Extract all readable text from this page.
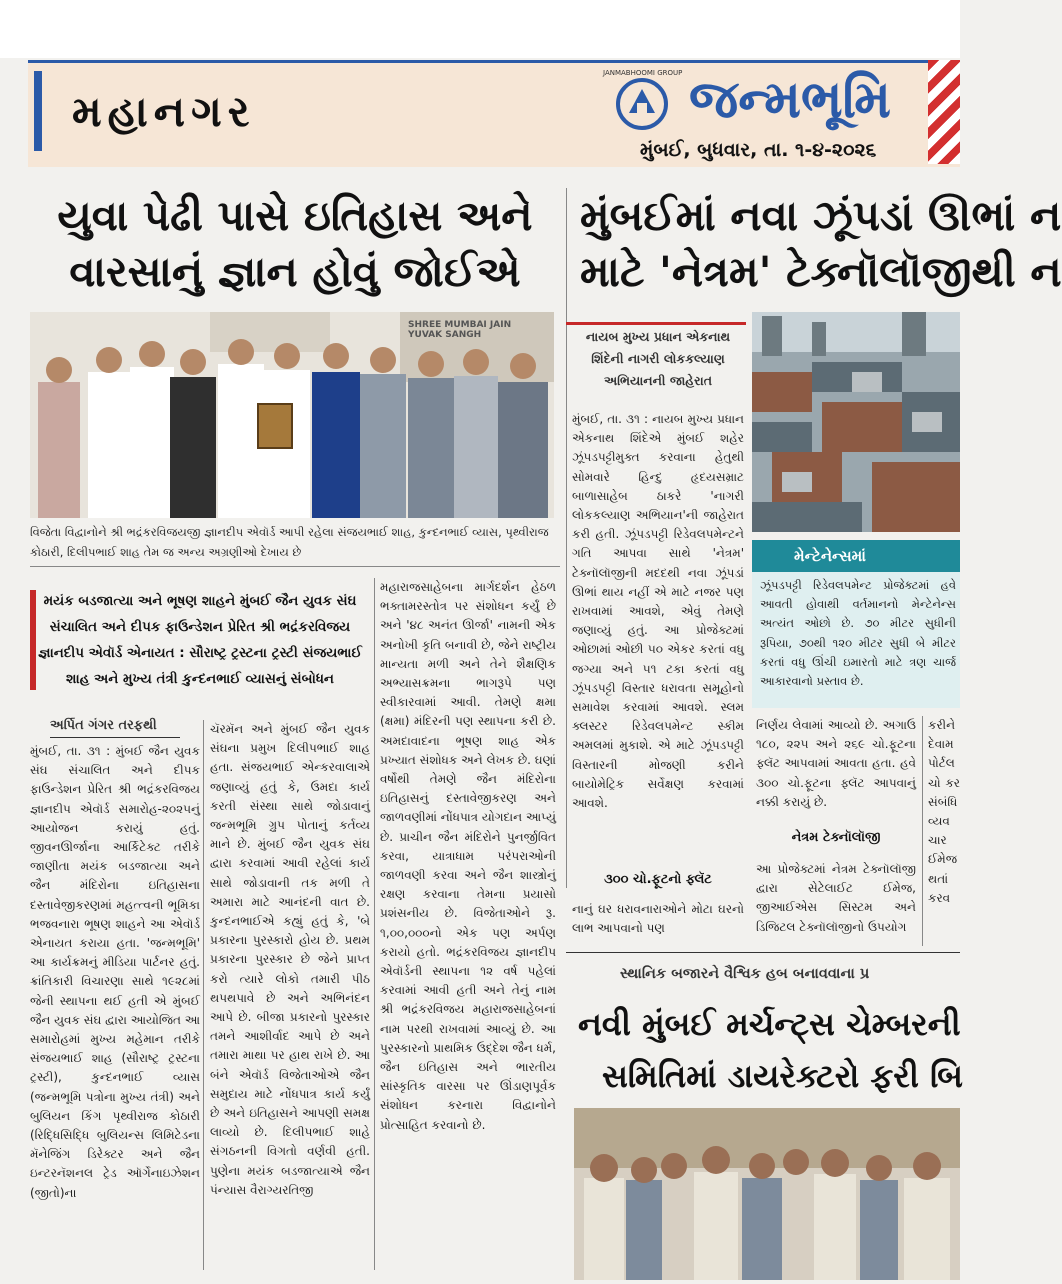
મહાનગર
JANMABHOOMI GROUP જન્મભૂમિ
મુંબઈ, બુધવાર, તા. ૧-૪-૨૦૨૬
યુવા પેઢી પાસે ઇતિહાસ અને
વારસાનું જ્ઞાન હોવું જોઈએ
મુંબઈમાં નવા ઝૂંપડાં ઊભાં ન
માટે 'નેત્રમ' ટેક્નૉલૉજીથી ન
SHREE MUMBAI JAIN YUVAK SANGH
વિજેતા વિદ્વાનોને શ્રી ભદ્રંકરવિજયજી જ્ઞાનદીપ એવૉર્ડ આપી રહેલા સંજયભાઈ શાહ, કુન્દનભાઈ વ્યાસ, પૃથ્વીરાજ કોઠારી, દિલીપભાઈ શાહ તેમ જ અન્ય અગ્રણીઓ દેખાય છે
મયંક બડજાત્યા અને ભૂષણ શાહને મુંબઈ જૈન યુવક સંઘ સંચાલિત અને દીપક ફાઉન્ડેશન પ્રેરિત શ્રી ભદ્રંકરવિજય જ્ઞાનદીપ એવૉર્ડ એનાયત : સૌરાષ્ટ્ર ટ્રસ્ટના ટ્રસ્ટી સંજયભાઈ શાહ અને મુખ્ય તંત્રી કુન્દનભાઈ વ્યાસનું સંબોધન
અર્પિત ગંગર તરફથી
મુંબઈ, તા. ૩૧ : મુંબઈ જૈન યુવક સંઘ સંચાલિત અને દીપક ફાઉન્ડેશન પ્રેરિત શ્રી ભદ્રંકરવિજય જ્ઞાનદીપ એવૉર્ડ સમારોહ-૨૦૨૫નું આયોજન કરાયું હતું. જીવનઊર્જાના આર્કિટેક્ટ તરીકે જાણીતા મયંક બડજાત્યા અને જૈન મંદિરોના ઇતિહાસના દસ્તાવેજીકરણમાં મહત્ત્વની ભૂમિકા ભજવનારા ભૂષણ શાહને આ એવૉર્ડ એનાયત કરાયા હતા. 'જન્મભૂમિ' આ કાર્યક્રમનું મીડિયા પાર્ટનર હતું. ક્રાંતિકારી વિચારણા સાથે ૧૯૨૮માં જેની સ્થાપના થઈ હતી એ મુંબઈ જૈન યુવક સંઘ દ્વારા આયોજિત આ સમારોહમાં મુખ્ય મહેમાન તરીકે સંજયભાઈ શાહ (સૌરાષ્ટ્ર ટ્રસ્ટના ટ્રસ્ટી), કુન્દનભાઈ વ્યાસ (જન્મભૂમિ પત્રોના મુખ્ય તંત્રી) અને બુલિયન કિંગ પૃથ્વીરાજ કોઠારી (રિદ્ધિસિદ્ધિ બુલિયન્સ લિમિટેડના મૅનેજિંગ ડિરેક્ટર અને જૈન ઇન્ટરનૅશનલ ટ્રેડ ઑર્ગેનાઇઝેશન (જીતો)ના
ચૅરમૅન અને મુંબઈ જૈન યુવક સંઘના પ્રમુખ દિલીપભાઈ શાહ હતા. સંજયભાઈ એન્કરવાલાએ જણાવ્યું હતું કે, ઉમદા કાર્ય કરતી સંસ્થા સાથે જોડાવાનું જન્મભૂમિ ગ્રુપ પોતાનું કર્તવ્ય માને છે. મુંબઈ જૈન યુવક સંઘ દ્વારા કરવામાં આવી રહેલાં કાર્ય સાથે જોડાવાની તક મળી તે અમારા માટે આનંદની વાત છે. કુન્દનભાઈએ કહ્યું હતું કે, 'બે પ્રકારના પુરસ્કારો હોય છે. પ્રથમ પ્રકારના પુરસ્કાર છે જેને પ્રાપ્ત કરો ત્યારે લોકો તમારી પીઠ થપથપાવે છે અને અભિનંદન આપે છે. બીજા પ્રકારનો પુરસ્કાર તમને આશીર્વાદ આપે છે અને તમારા માથા પર હાથ રાખે છે. આ બંને એવૉર્ડ વિજેતાઓએ જૈન સમુદાય માટે નોંધપાત્ર કાર્ય કર્યું છે અને ઇતિહાસને આપણી સમક્ષ લાવ્યો છે. દિલીપભાઈ શાહે સંગઠનની વિગતો વર્ણવી હતી. પુણેના મયંક બડજાત્યાએ જૈન પંન્યાસ વૈરાગ્યરતિજી
મહારાજસાહેબના માર્ગદર્શન હેઠળ ભક્તામરસ્તોત્ર પર સંશોધન કર્યું છે અને '૪૮ અનંત ઊર્જા' નામની એક અનોખી કૃતિ બનાવી છે, જેને રાષ્ટ્રીય માન્યતા મળી અને તેને શૈક્ષણિક અભ્યાસક્રમના ભાગરૂપે પણ સ્વીકારવામાં આવી. તેમણે ક્ષમા (ક્ષમા) મંદિરની પણ સ્થાપના કરી છે. અમદાવાદના ભૂષણ શાહ એક પ્રખ્યાત સંશોધક અને લેખક છે. ઘણાં વર્ષોથી તેમણે જૈન મંદિરોના ઇતિહાસનું દસ્તાવેજીકરણ અને જાળવણીમાં નોંધપાત્ર યોગદાન આપ્યું છે. પ્રાચીન જૈન મંદિરોને પુનર્જીવિત કરવા, યાત્રાધામ પરંપરાઓની જાળવણી કરવા અને જૈન શાસ્ત્રોનું રક્ષણ કરવાના તેમના પ્રયાસો પ્રશંસનીય છે. વિજેતાઓને રૂ. ૧,૦૦,૦૦૦નો એક પણ અર્પણ કરાયો હતો. ભદ્રંકરવિજય જ્ઞાનદીપ એવૉર્ડની સ્થાપના ૧૨ વર્ષ પહેલાં કરવામાં આવી હતી અને તેનું નામ શ્રી ભદ્રંકરવિજય મહારાજસાહેબનાં નામ પરથી રાખવામાં આવ્યું છે. આ પુરસ્કારનો પ્રાથમિક ઉદ્દેશ જૈન ધર્મ, જૈન ઇતિહાસ અને ભારતીય સાંસ્કૃતિક વારસા પર ઊંડાણપૂર્વક સંશોધન કરનારા વિદ્વાનોને પ્રોત્સાહિત કરવાનો છે.
નાયબ મુખ્ય પ્રધાન એકનાથ શિંદેની નાગરી લોકકલ્યાણ અભિયાનની જાહેરાત
મુંબઈ, તા. ૩૧ : નાયબ મુખ્ય પ્રધાન એકનાથ શિંદેએ મુંબઈ શહેર ઝૂંપડપટ્ટીમુક્ત કરવાના હેતુથી સોમવારે હિન્દુ હૃદયસમ્રાટ બાળાસાહેબ ઠાકરે 'નાગરી લોકકલ્યાણ અભિયાન'ની જાહેરાત કરી હતી. ઝૂંપડપટ્ટી રિડેવલપમેન્ટને ગતિ આપવા સાથે 'નેત્રમ' ટેક્નૉલૉજીની મદદથી નવા ઝૂંપડાં ઊભાં થાય નહીં એ માટે નજર પણ રાખવામાં આવશે, એવું તેમણે જણાવ્યું હતું. આ પ્રોજેક્ટમાં ઓછામાં ઓછી ૫૦ એકર કરતાં વધુ જગ્યા અને ૫૧ ટકા કરતાં વધુ ઝૂંપડપટ્ટી વિસ્તાર ધરાવતા સમૂહોનો સમાવેશ કરવામાં આવશે. સ્લમ ક્લસ્ટર રિડેવલપમેન્ટ સ્કીમ અમલમાં મુકાશે. એ માટે ઝૂંપડપટ્ટી વિસ્તારની મોજણી કરીને બાયોમેટ્રિક સર્વેક્ષણ કરવામાં આવશે.
૩૦૦ ચો.ફૂટનો ફ્લૅટ
નાનું ઘર ધરાવનારાઓને મોટા ઘરનો લાભ આપવાનો પણ
મેન્ટેનેન્સમાં
ઝૂંપડપટ્ટી રિડેવલપમેન્ટ પ્રોજેક્ટમાં હવે આવતી હોવાથી વર્તમાનનો મેન્ટેનેન્સ અત્યંત ઓછો છે. ૭૦ મીટર સુધીની રૂપિયા, ૭૦થી ૧૨૦ મીટર સુધી બે મીટર કરતાં વધુ ઊંચી ઇમારતો માટે ત્રણ ચાર્જ આકારવાનો પ્રસ્તાવ છે.
નિર્ણય લેવામાં આવ્યો છે. અગાઉ ૧૮૦, ૨૨૫ અને ૨૬૯ ચો.ફૂટના ફ્લૅટ આપવામાં આવતા હતા. હવે ૩૦૦ ચો.ફૂટના ફ્લૅટ આપવાનું નક્કી કરાયું છે.
નેત્રમ ટેક્નૉલૉજી
આ પ્રોજેક્ટમાં નેત્રમ ટેક્નૉલૉજી દ્વારા સેટેલાઈટ ઈમેજ, જીઆઈએસ સિસ્ટમ અને ડિજિટલ ટેક્નૉલૉજીનો ઉપયોગ
કરીને દેવામ પોર્ટલ ચો કર સંબંધિ વ્યવ ચાર ઈમેજ થતાં કરવ
સ્થાનિક બજારને વૈશ્વિક હબ બનાવવાના પ્ર
નવી મુંબઈ મર્ચન્ટ્સ ચેમ્બરની
સમિતિમાં ડાયરેક્ટરો ફરી બિ
